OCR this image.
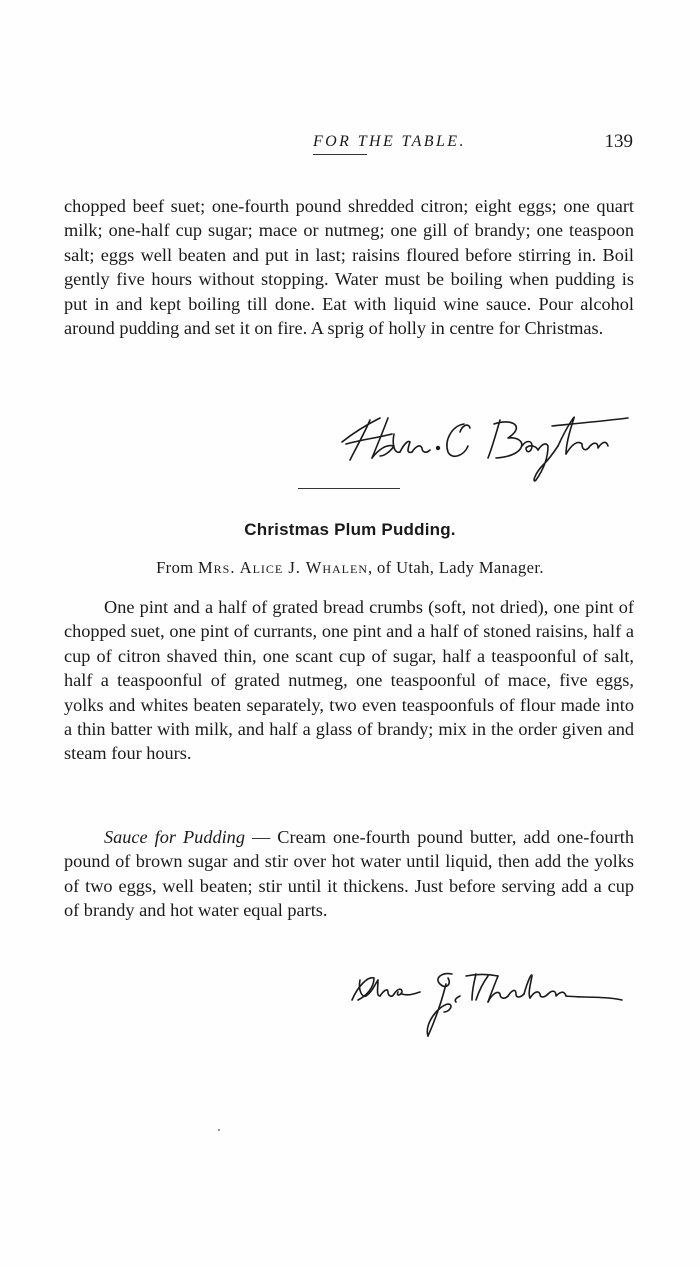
FOR THE TABLE.	139

chopped beef suet; one-fourth pound shredded citron; eight eggs; one quart milk; one-half cup sugar; mace or nutmeg; one gill of brandy; one teaspoon salt; eggs well beaten and put in last; raisins floured before stirring in. Boil gently five hours without stopping. Water must be boiling when pudding is put in and kept boiling till done. Eat with liquid wine sauce. Pour alcohol around pudding and set it on fire. A sprig of holly in centre for Christmas.

Christmas Plum Pudding.
From Mrs. Alice J. Whalen, of Utah, Lady Manager.

One pint and a half of grated bread crumbs (soft, not dried), one pint of chopped suet, one pint of currants, one pint and a half of stoned raisins, half a cup of citron shaved thin, one scant cup of sugar, half a teaspoonful of salt, half a teaspoonful of grated nutmeg, one teaspoonful of mace, five eggs, yolks and whites beaten separately, two even teaspoonfuls of flour made into a thin batter with milk, and half a glass of brandy; mix in the order given and steam four hours.

Sauce for Pudding — Cream one-fourth pound butter, add one-fourth pound of brown sugar and stir over hot water until liquid, then add the yolks of two eggs, well beaten; stir until it thickens. Just before serving add a cup of brandy and hot water equal parts.
